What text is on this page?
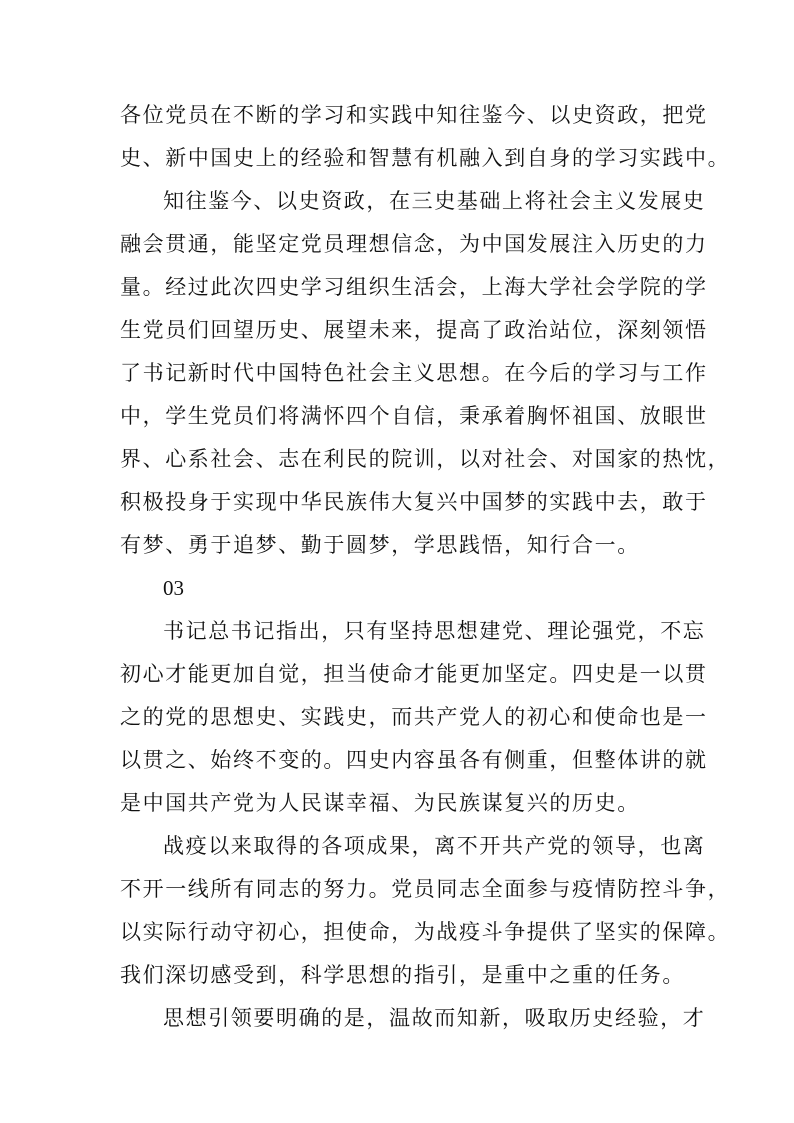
各位党员在不断的学习和实践中知往鉴今、以史资政，把党
史、新中国史上的经验和智慧有机融入到自身的学习实践中。
知往鉴今、以史资政，在三史基础上将社会主义发展史
融会贯通，能坚定党员理想信念，为中国发展注入历史的力
量。经过此次四史学习组织生活会，上海大学社会学院的学
生党员们回望历史、展望未来，提高了政治站位，深刻领悟
了书记新时代中国特色社会主义思想。在今后的学习与工作
中，学生党员们将满怀四个自信，秉承着胸怀祖国、放眼世
界、心系社会、志在利民的院训，以对社会、对国家的热忱，
积极投身于实现中华民族伟大复兴中国梦的实践中去，敢于
有梦、勇于追梦、勤于圆梦，学思践悟，知行合一。
03
书记总书记指出，只有坚持思想建党、理论强党，不忘
初心才能更加自觉，担当使命才能更加坚定。四史是一以贯
之的党的思想史、实践史，而共产党人的初心和使命也是一
以贯之、始终不变的。四史内容虽各有侧重，但整体讲的就
是中国共产党为人民谋幸福、为民族谋复兴的历史。
战疫以来取得的各项成果，离不开共产党的领导，也离
不开一线所有同志的努力。党员同志全面参与疫情防控斗争，
以实际行动守初心，担使命，为战疫斗争提供了坚实的保障。
我们深切感受到，科学思想的指引，是重中之重的任务。
思想引领要明确的是，温故而知新，吸取历史经验，才
